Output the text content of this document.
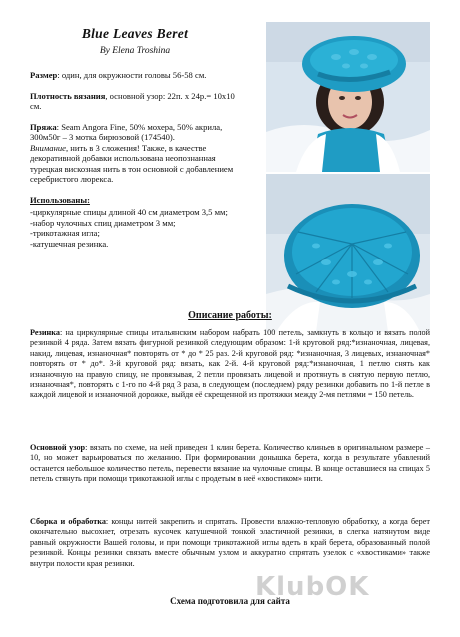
Blue Leaves Beret
By Elena Troshina

Размер: один, для окружности головы 56-58 см.

Плотность вязания, основной узор: 22п. х 24р.= 10х10 см.

Пряжа: Seam Angora Fine, 50% мохера, 50% акрила, 300м50г – 3 мотка бирюзовой (174540).

Внимание, нить в 3 сложения! Также, в качестве декоративной добавки использована неопознанная турецкая вискозная нить в тон основной с добавлением серебристого люрекса.

Использованы:

-циркулярные спицы длиной 40 см диаметром 3,5 мм;
-набор чулочных спиц диаметром 3 мм;
-трикотажная игла;
-катушечная резинка.
Описание работы:
Резинка: на циркулярные спицы итальянским набором набрать 100 петель, замкнуть в кольцо и вязать полой резинкой 4 ряда. Затем вязать фигурной резинкой следующим образом: 1-й круговой ряд:*изнаночная, лицевая, накид, лицевая, изнаночная* повторять от * до * 25 раз. 2-й круговой ряд: *изнаночная, 3 лицевых, изнаночная* повторять от * до*. 3-й круговой ряд: вязать, как 2-й. 4-й круговой ряд:*изнаночная, 1 петлю снять как изнаночную на правую спицу, не провязывая, 2 петли провязать лицевой и протянуть в снятую первую петлю, изнаночная*, повторять с 1-го по 4-й ряд 3 раза, в следующем (последнем) ряду резинки добавить по 1-й петле в каждой лицевой и изнаночной дорожке, выйдя её скрещенной из протяжки между 2-мя петлями = 150 петель.
Основной узор: вязать по схеме, на ней приведен 1 клин берета. Количество клиньев в оригинальном размере – 10, но может варьироваться по желанию. При формировании донышка берета, когда в результате убавлений останется небольшое количество петель, перевести вязание на чулочные спицы. В конце оставшиеся на спицах 5 петель стянуть при помощи трикотажной иглы с продетым в неё «хвостиком» нити.
Сборка и обработка: концы нитей закрепить и спрятать. Провести влажно-тепловую обработку, а когда берет окончательно высохнет, отрезать кусочек катушечной тонкой эластичной резинки, в слегка натянутом виде равный окружности Вашей головы, и при помощи трикотажной иглы вдеть в край берета, образованный полой резинкой. Концы резинки связать вместе обычным узлом и аккуратно спрятать узелок с «хвостиками» также внутри полости края резинки.
KlubOK
Схема подготовила для сайта
